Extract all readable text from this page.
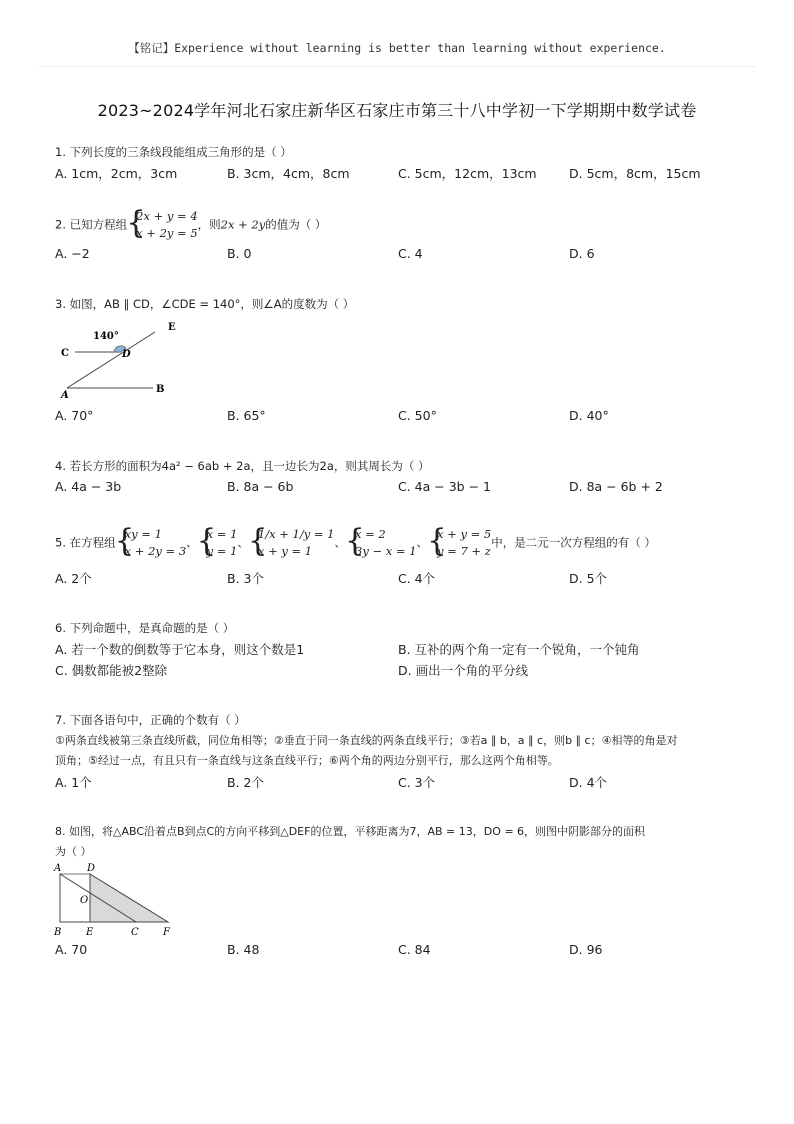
【铭记】Experience without learning is better than learning without experience.
2023~2024学年河北石家庄新华区石家庄市第三十八中学初一下学期期中数学试卷
1. 下列长度的三条线段能组成三角形的是（ ）
A. 1cm，2cm，3cm	B. 3cm，4cm，8cm	C. 5cm，12cm，13cm	D. 5cm，8cm，15cm
2. 已知方程组
{ 2x + y = 4
x + 2y = 5
，则2x + 2y的值为（ ）
A. −2	B. 0	C. 4	D. 6
3. 如图，AB ∥ CD，∠CDE = 140°，则∠A的度数为（ ）
140°
C	D
E
A
B
A. 70°	B. 65°	C. 50°	D. 40°
4. 若长方形的面积为4a² − 6ab + 2a，且一边长为2a，则其周长为（ ）
A. 4a − 3b	B. 8a − 6b	C. 4a − 3b − 1	D. 8a − 6b + 2
5. 在方程组
{ xy = 1
x + 2y = 3
、
{ x = 1
y = 1
、
{ 1/x + 1/y = 1
x + y = 1
、
{ x = 2
3y − x = 1
、
{ x + y = 5
y = 7 + z
中，是二元一次方程组的有（ ）
A. 2个	B. 3个	C. 4个	D. 5个
6. 下列命题中，是真命题的是（ ）
A. 若一个数的倒数等于它本身，则这个数是1	B. 互补的两个角一定有一个锐角，一个钝角
C. 偶数都能被2整除	D. 画出一个角的平分线
7. 下面各语句中，正确的个数有（ ）
①两条直线被第三条直线所截，同位角相等；②垂直于同一条直线的两条直线平行；③若a ∥ b，a ∥ c，则b ∥ c；④相等的角是对
顶角；⑤经过一点，有且只有一条直线与这条直线平行；⑥两个角的两边分别平行，那么这两个角相等。
A. 1个	B. 2个	C. 3个	D. 4个
8. 如图，将△ABC沿着点B到点C的方向平移到△DEF的位置，平移距离为7，AB = 13，DO = 6，则图中阴影部分的面积
为（ ）
A	D
O
B E	C F
A. 70	B. 48	C. 84	D. 96
